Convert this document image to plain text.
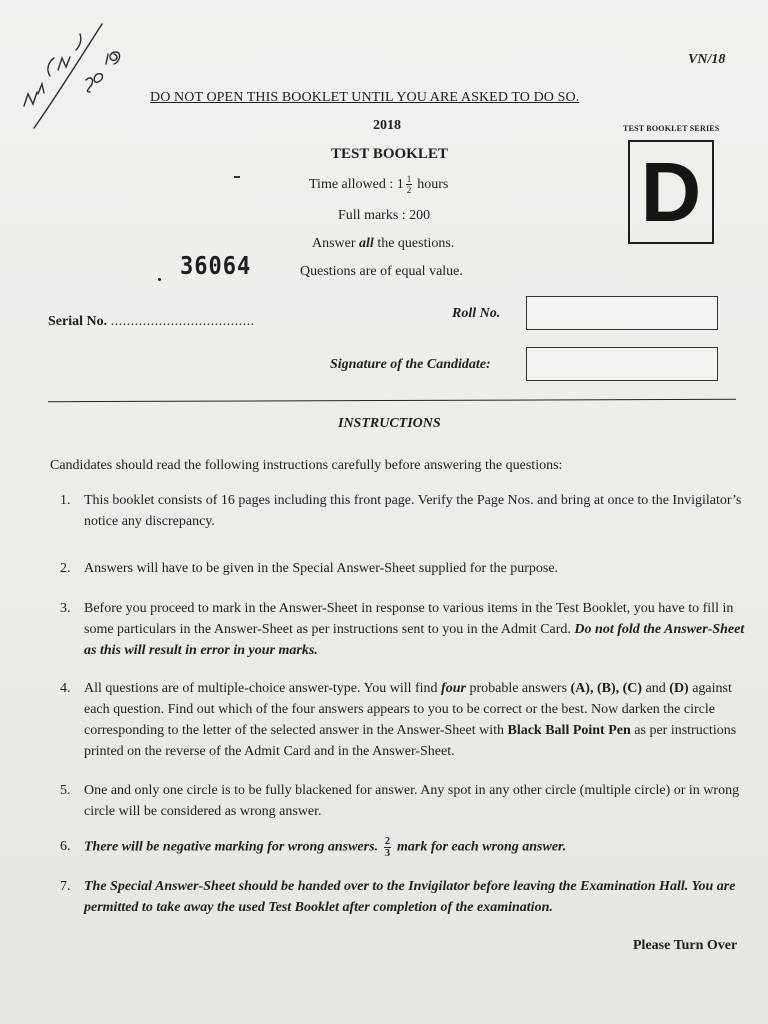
VN/18
DO NOT OPEN THIS BOOKLET UNTIL YOU ARE ASKED TO DO SO.
2018	TEST BOOKLET SERIES
D
TEST BOOKLET
Time allowed : $1 \frac{1}{2}$ hours
Full marks : 200
Answer all the questions.
Questions are of equal value.
36064
Serial No. ....................................
Roll No.
Signature of the Candidate:
INSTRUCTIONS
Candidates should read the following instructions carefully before answering the questions:
1. This booklet consists of 16 pages including this front page. Verify the Page Nos. and bring at once to the Invigilator’s notice any discrepancy.
2. Answers will have to be given in the Special Answer-Sheet supplied for the purpose.
3. Before you proceed to mark in the Answer-Sheet in response to various items in the Test Booklet, you have to fill in some particulars in the Answer-Sheet as per instructions sent to you in the Admit Card. Do not fold the Answer-Sheet as this will result in error in your marks.
4. All questions are of multiple-choice answer-type. You will find four probable answers (A), (B), (C) and (D) against each question. Find out which of the four answers appears to you to be correct or the best. Now darken the circle corresponding to the letter of the selected answer in the Answer-Sheet with Black Ball Point Pen as per instructions printed on the reverse of the Admit Card and in the Answer-Sheet.
5. One and only one circle is to be fully blackened for answer. Any spot in any other circle (multiple circle) or in wrong circle will be considered as wrong answer.
6. There will be negative marking for wrong answers. $\frac{2}{3}$ mark for each wrong answer.
7. The Special Answer-Sheet should be handed over to the Invigilator before leaving the Examination Hall. You are permitted to take away the used Test Booklet after completion of the examination.
Please Turn Over
